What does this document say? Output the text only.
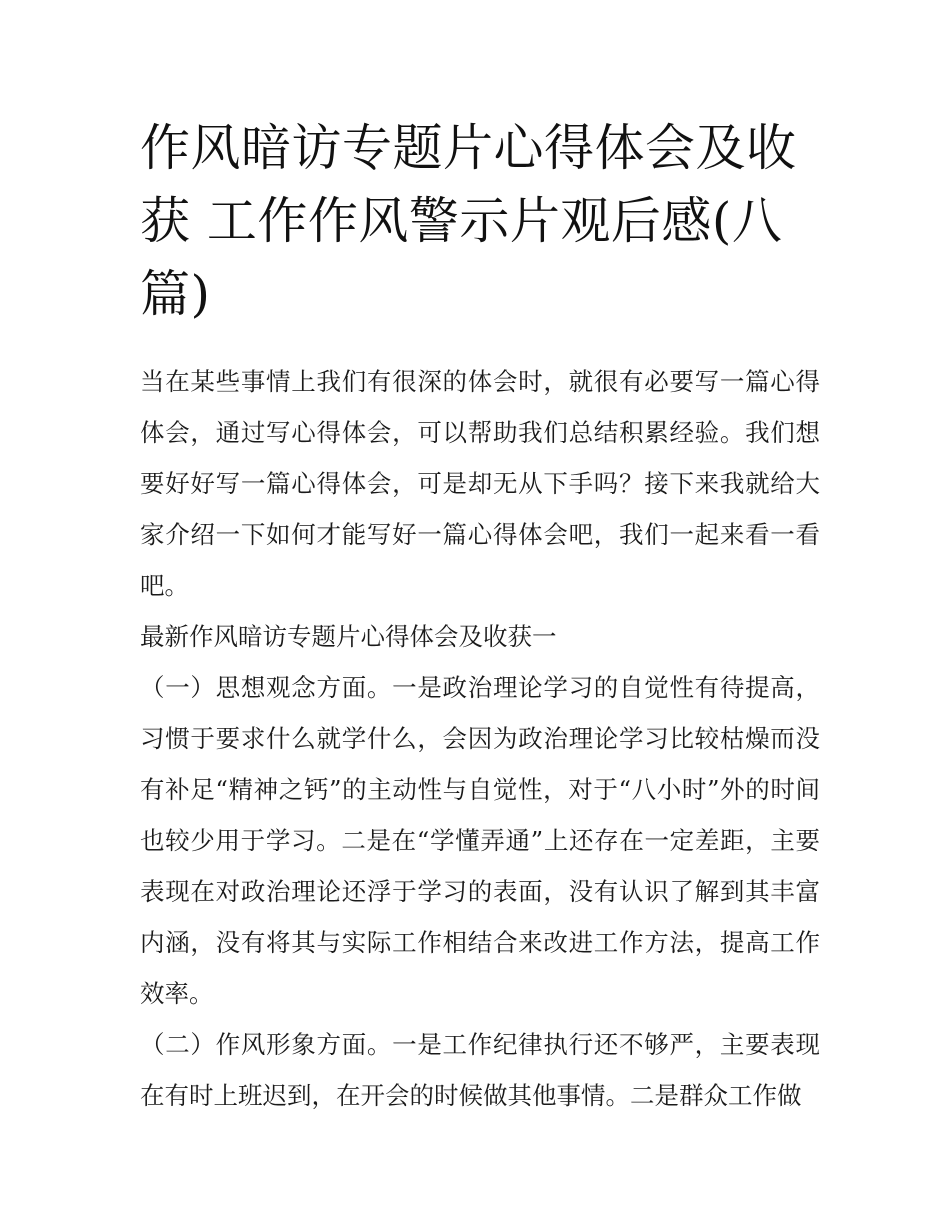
作风暗访专题片心得体会及收获 工作作风警示片观后感(八篇)

当在某些事情上我们有很深的体会时，就很有必要写一篇心得体会，通过写心得体会，可以帮助我们总结积累经验。我们想要好好写一篇心得体会，可是却无从下手吗？接下来我就给大家介绍一下如何才能写好一篇心得体会吧，我们一起来看一看吧。

最新作风暗访专题片心得体会及收获一

（一）思想观念方面。一是政治理论学习的自觉性有待提高，习惯于要求什么就学什么，会因为政治理论学习比较枯燥而没有补足“精神之钙”的主动性与自觉性，对于“八小时”外的时间也较少用于学习。二是在“学懂弄通”上还存在一定差距，主要表现在对政治理论还浮于学习的表面，没有认识了解到其丰富内涵，没有将其与实际工作相结合来改进工作方法，提高工作效率。

（二）作风形象方面。一是工作纪律执行还不够严，主要表现在有时上班迟到，在开会的时候做其他事情。二是群众工作做
